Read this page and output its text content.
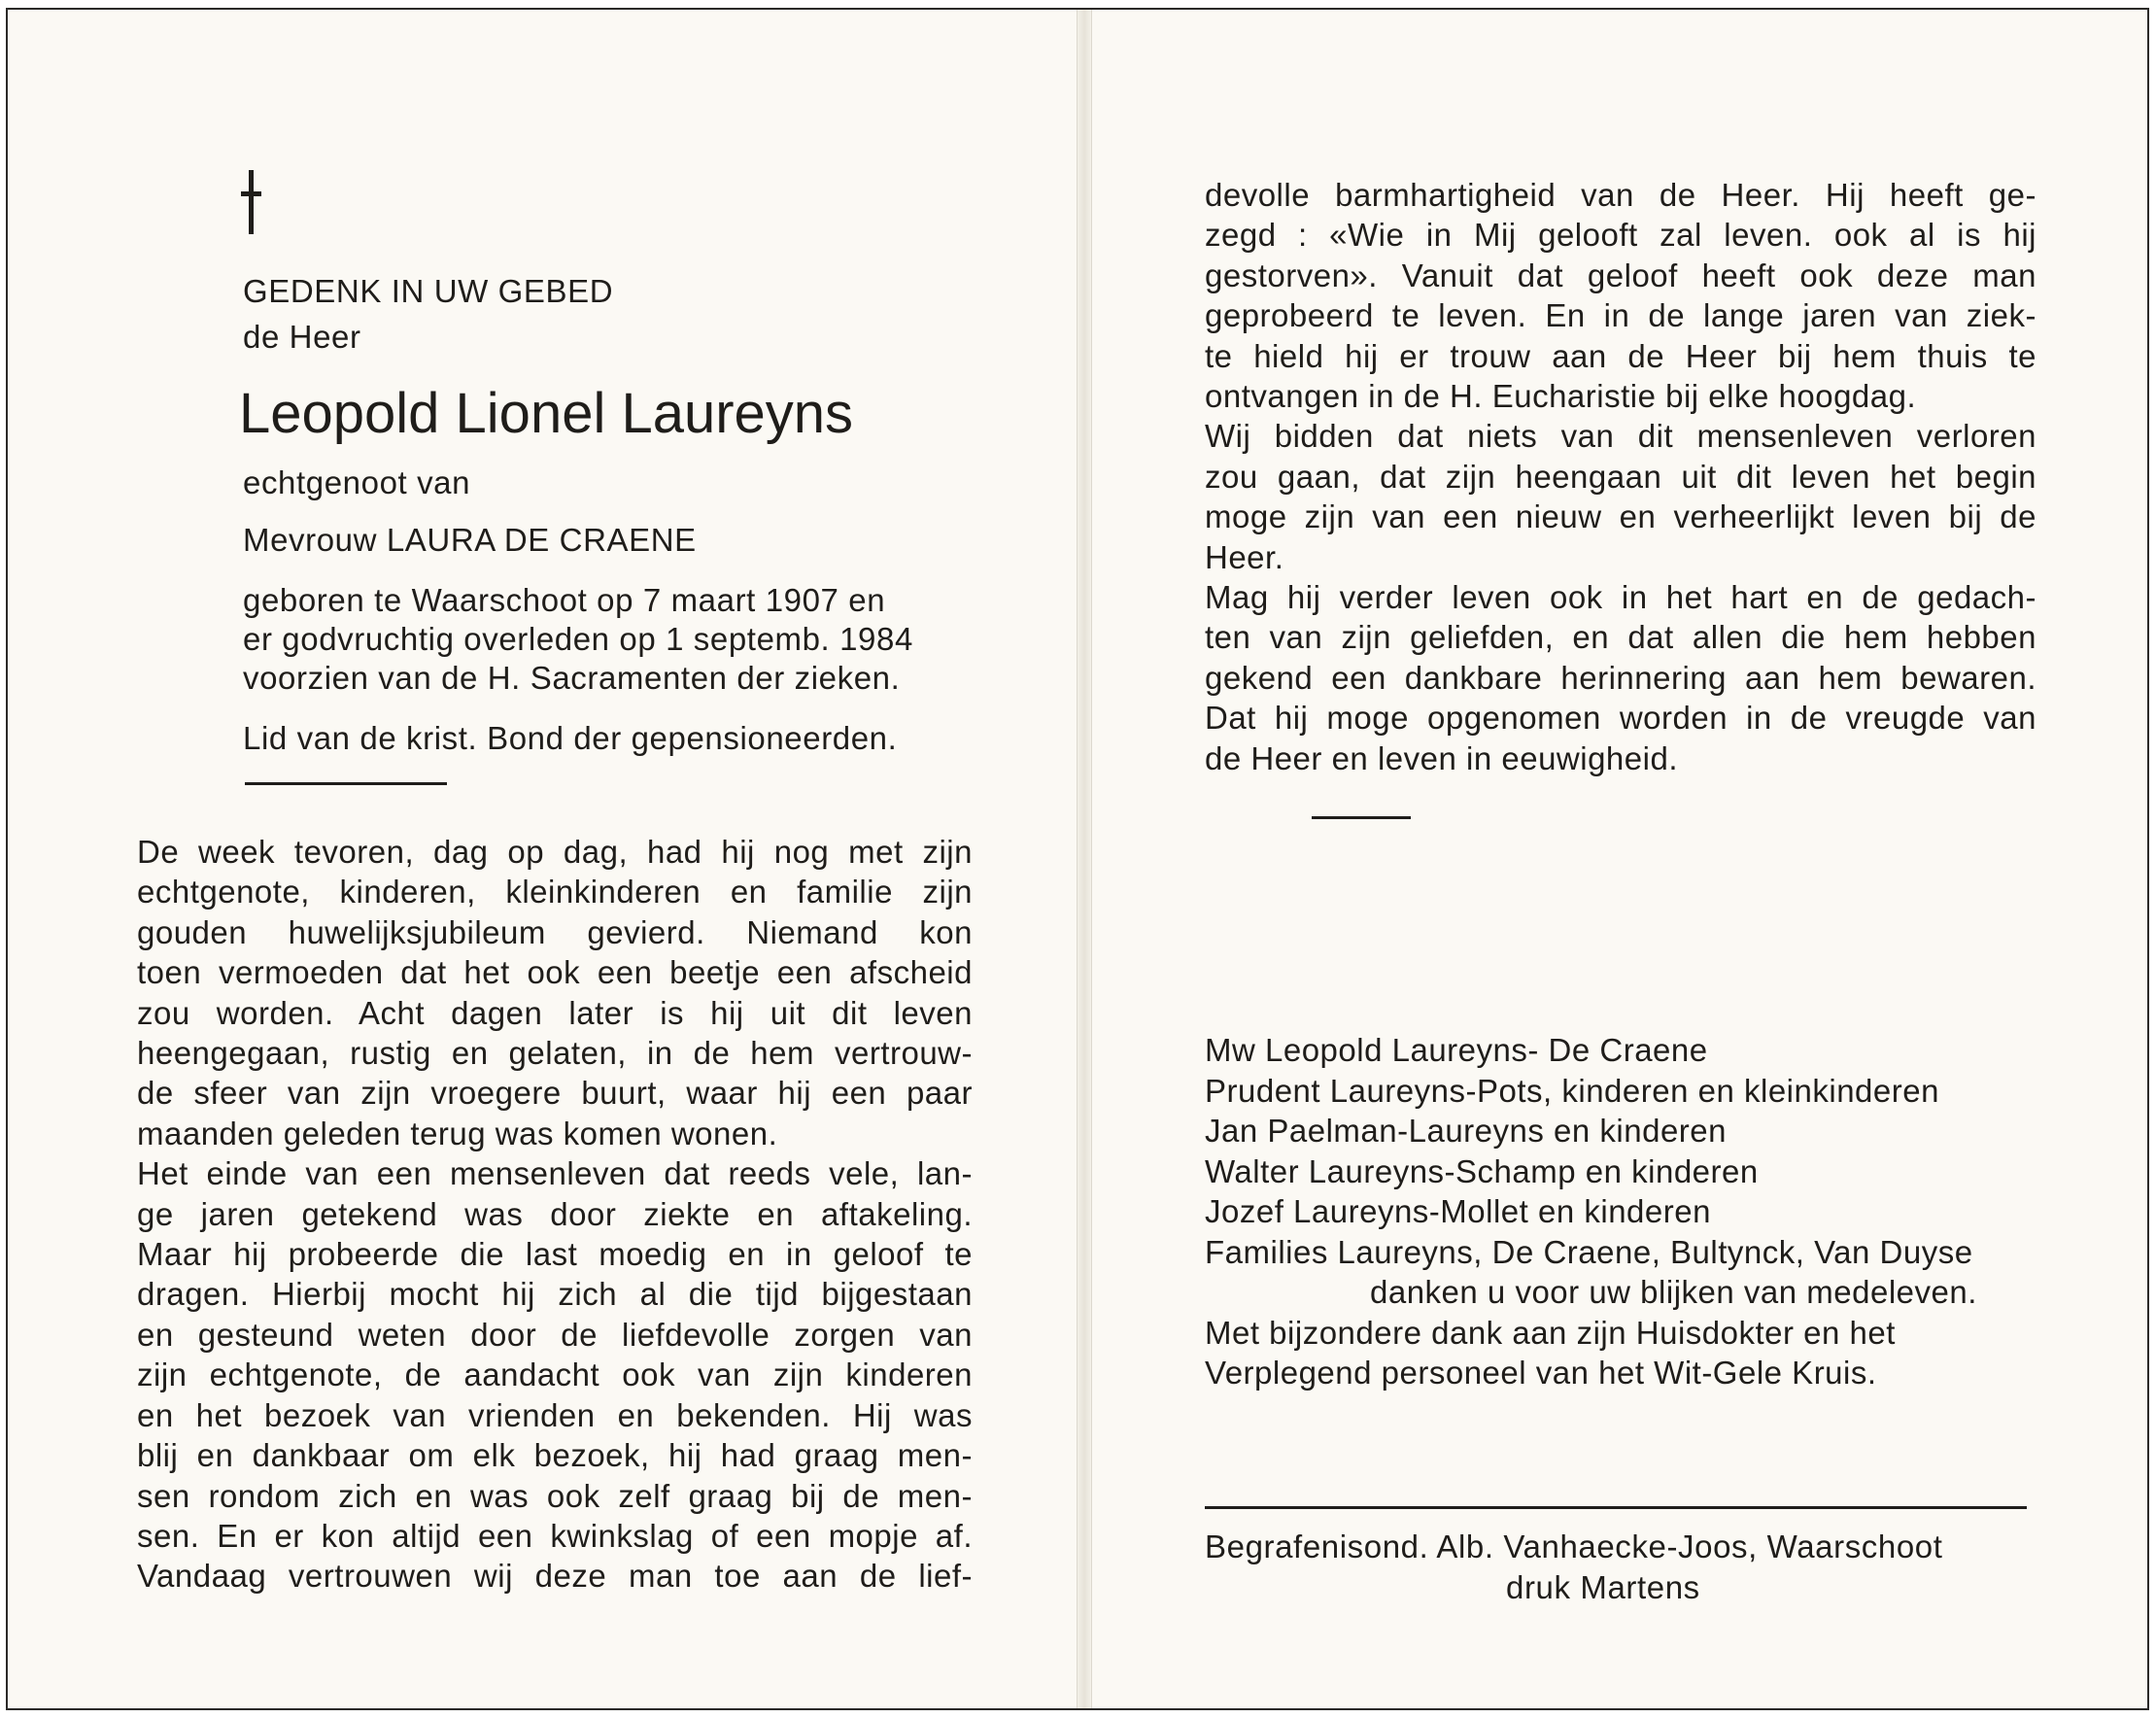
GEDENK IN UW GEBED
de Heer
Leopold Lionel Laureyns
echtgenoot van
Mevrouw LAURA DE CRAENE
geboren te Waarschoot op 7 maart 1907 en
er godvruchtig overleden op 1 septemb. 1984
voorzien van de H. Sacramenten der zieken.
Lid van de krist. Bond der gepensioneerden.
De week tevoren, dag op dag, had hij nog met zijn
echtgenote, kinderen, kleinkinderen en familie zijn
gouden huwelijksjubileum gevierd. Niemand kon
toen vermoeden dat het ook een beetje een afscheid
zou worden. Acht dagen later is hij uit dit leven
heengegaan, rustig en gelaten, in de hem vertrouw-
de sfeer van zijn vroegere buurt, waar hij een paar
maanden geleden terug was komen wonen.
Het einde van een mensenleven dat reeds vele, lan-
ge jaren getekend was door ziekte en aftakeling.
Maar hij probeerde die last moedig en in geloof te
dragen. Hierbij mocht hij zich al die tijd bijgestaan
en gesteund weten door de liefdevolle zorgen van
zijn echtgenote, de aandacht ook van zijn kinderen
en het bezoek van vrienden en bekenden. Hij was
blij en dankbaar om elk bezoek, hij had graag men-
sen rondom zich en was ook zelf graag bij de men-
sen. En er kon altijd een kwinkslag of een mopje af.
Vandaag vertrouwen wij deze man toe aan de lief-
devolle barmhartigheid van de Heer. Hij heeft ge-
zegd : «Wie in Mij gelooft zal leven. ook al is hij
gestorven». Vanuit dat geloof heeft ook deze man
geprobeerd te leven. En in de lange jaren van ziek-
te hield hij er trouw aan de Heer bij hem thuis te
ontvangen in de H. Eucharistie bij elke hoogdag.
Wij bidden dat niets van dit mensenleven verloren
zou gaan, dat zijn heengaan uit dit leven het begin
moge zijn van een nieuw en verheerlijkt leven bij de
Heer.
Mag hij verder leven ook in het hart en de gedach-
ten van zijn geliefden, en dat allen die hem hebben
gekend een dankbare herinnering aan hem bewaren.
Dat hij moge opgenomen worden in de vreugde van
de Heer en leven in eeuwigheid.
Mw Leopold Laureyns- De Craene
Prudent Laureyns-Pots, kinderen en kleinkinderen
Jan Paelman-Laureyns en kinderen
Walter Laureyns-Schamp en kinderen
Jozef Laureyns-Mollet en kinderen
Families Laureyns, De Craene, Bultynck, Van Duyse
danken u voor uw blijken van medeleven.
Met bijzondere dank aan zijn Huisdokter en het
Verplegend personeel van het Wit-Gele Kruis.
Begrafenisond. Alb. Vanhaecke-Joos, Waarschoot
druk Martens
